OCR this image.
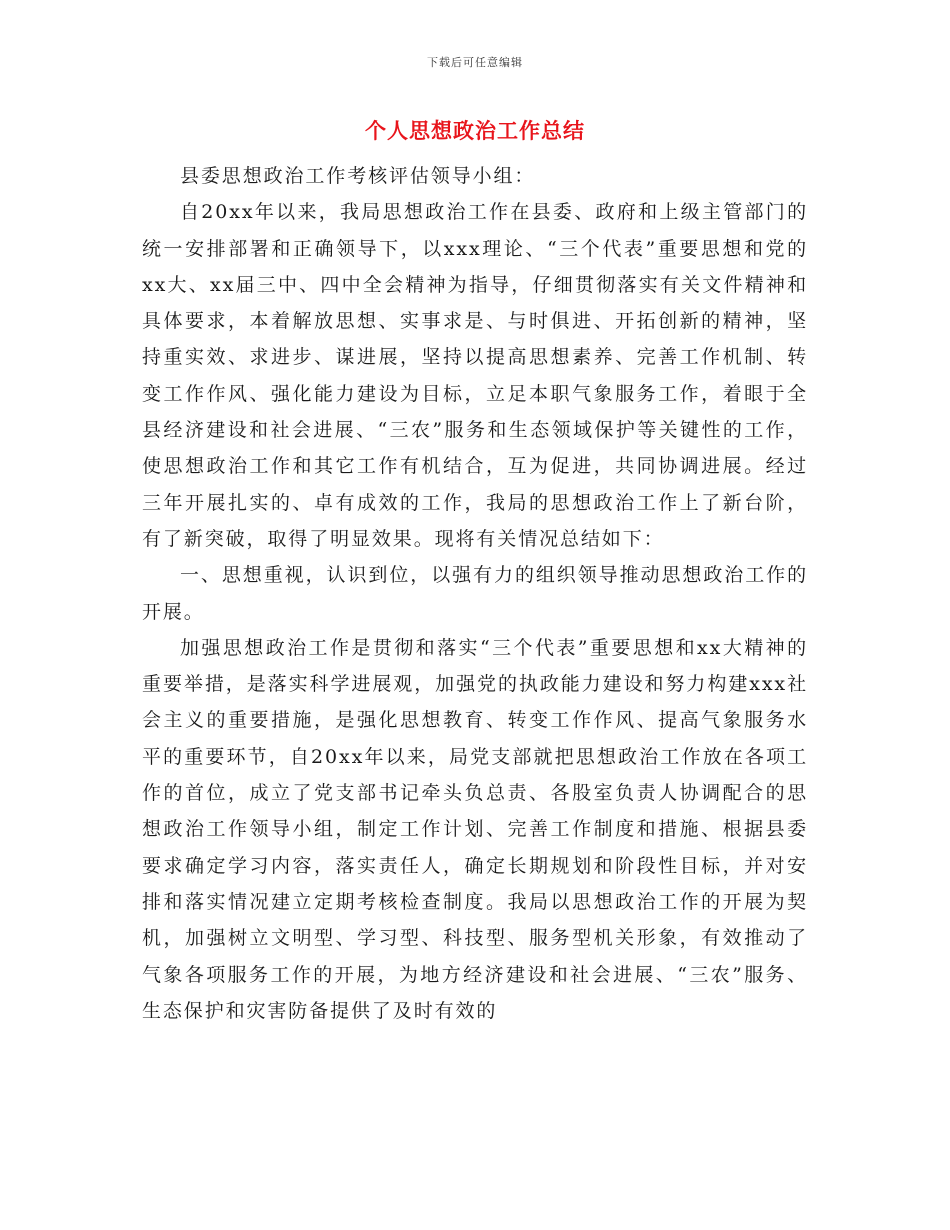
下载后可任意编辑
个人思想政治工作总结

县委思想政治工作考核评估领导小组：

自20xx年以来，我局思想政治工作在县委、政府和上级主管部门的统一安排部署和正确领导下，以xxx理论、“三个代表”重要思想和党的xx大、xx届三中、四中全会精神为指导，仔细贯彻落实有关文件精神和具体要求，本着解放思想、实事求是、与时俱进、开拓创新的精神，坚持重实效、求进步、谋进展，坚持以提高思想素养、完善工作机制、转变工作作风、强化能力建设为目标，立足本职气象服务工作，着眼于全县经济建设和社会进展、“三农”服务和生态领域保护等关键性的工作，使思想政治工作和其它工作有机结合，互为促进，共同协调进展。经过三年开展扎实的、卓有成效的工作，我局的思想政治工作上了新台阶，有了新突破，取得了明显效果。现将有关情况总结如下：

一、思想重视，认识到位，以强有力的组织领导推动思想政治工作的开展。

加强思想政治工作是贯彻和落实“三个代表”重要思想和xx大精神的重要举措，是落实科学进展观，加强党的执政能力建设和努力构建xxx社会主义的重要措施，是强化思想教育、转变工作作风、提高气象服务水平的重要环节，自20xx年以来，局党支部就把思想政治工作放在各项工作的首位，成立了党支部书记牵头负总责、各股室负责人协调配合的思想政治工作领导小组，制定工作计划、完善工作制度和措施、根据县委要求确定学习内容，落实责任人，确定长期规划和阶段性目标，并对安排和落实情况建立定期考核检查制度。我局以思想政治工作的开展为契机，加强树立文明型、学习型、科技型、服务型机关形象，有效推动了气象各项服务工作的开展，为地方经济建设和社会进展、“三农”服务、生态保护和灾害防备提供了及时有效的
